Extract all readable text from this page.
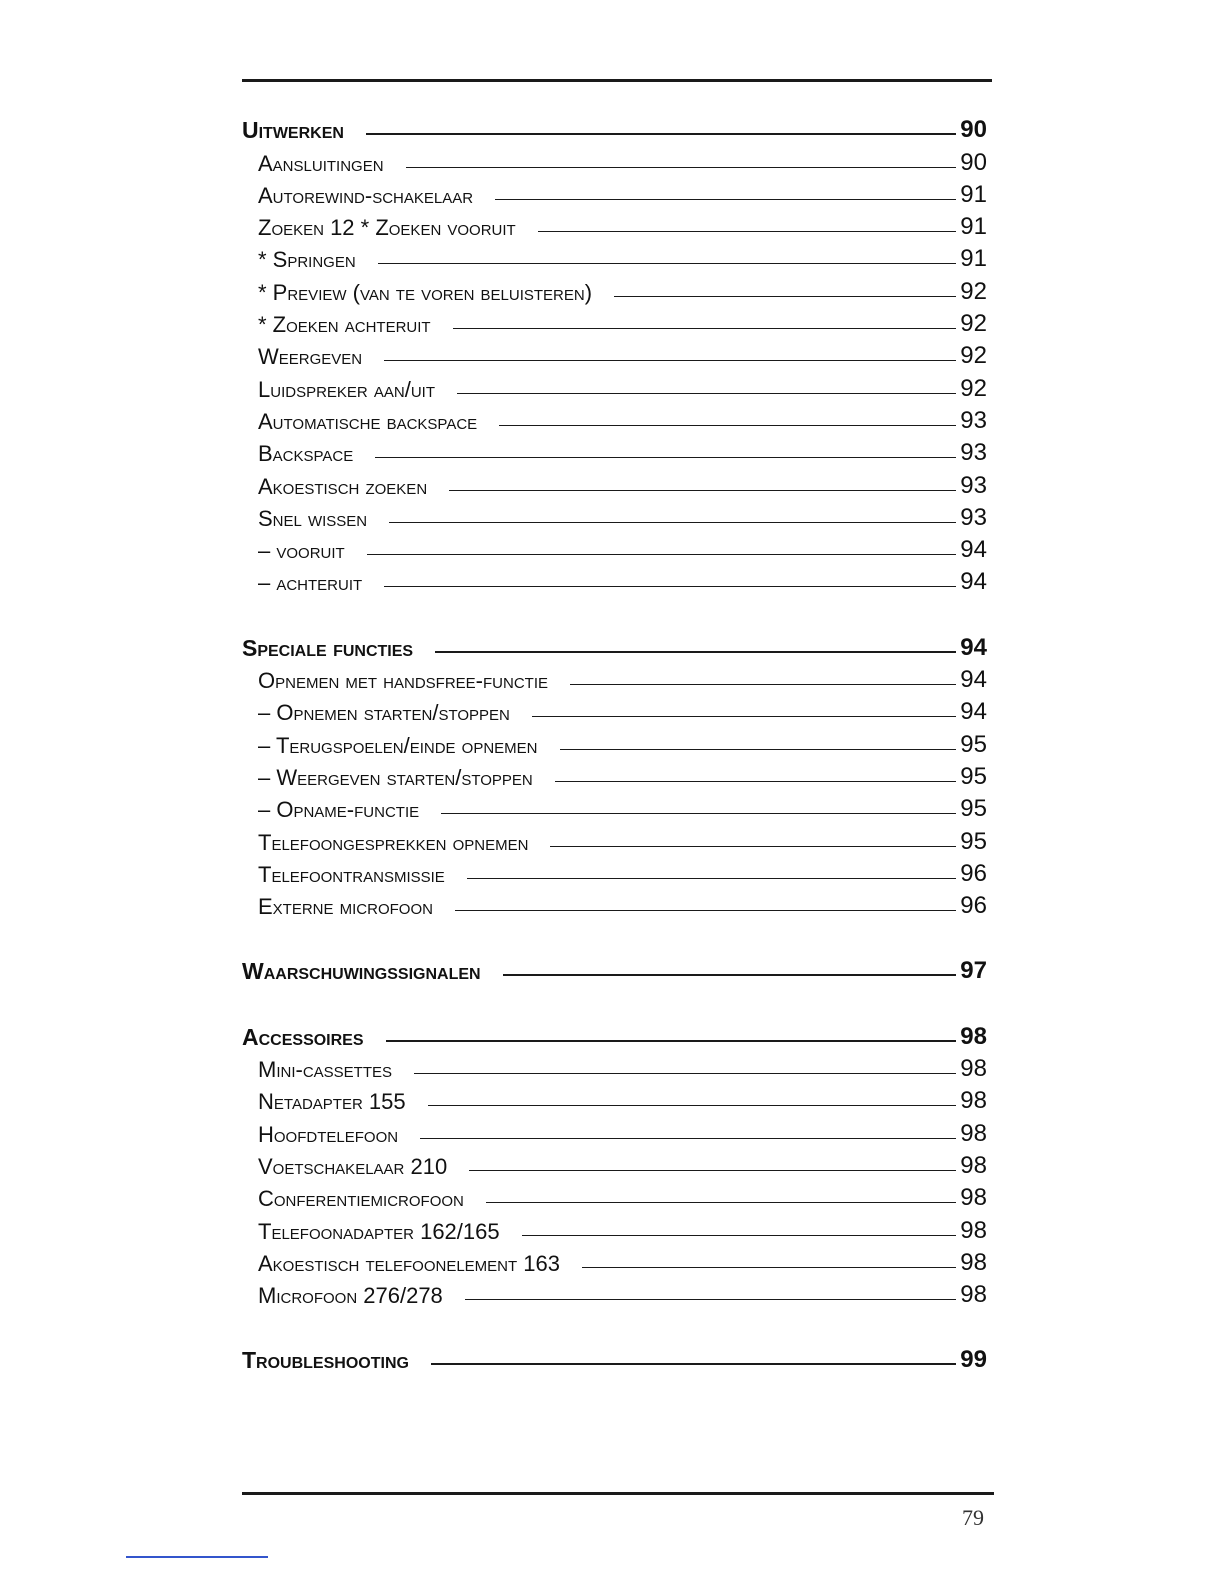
Uitwerken	90
Aansluitingen	90
Autorewind-schakelaar	91
Zoeken 12 * Zoeken vooruit	91
* Springen	91
* Preview (van te voren beluisteren)	92
* Zoeken achteruit	92
Weergeven	92
Luidspreker aan/uit	92
Automatische backspace	93
Backspace	93
Akoestisch zoeken	93
Snel wissen	93
– vooruit	94
– achteruit	94
Speciale functies	94
Opnemen met handsfree-functie	94
– Opnemen starten/stoppen	94
– Terugspoelen/einde opnemen	95
– Weergeven starten/stoppen	95
– Opname-functie	95
Telefoongesprekken opnemen	95
Telefoontransmissie	96
Externe microfoon	96
Waarschuwingssignalen	97
Accessoires	98
Mini-cassettes	98
Netadapter 155	98
Hoofdtelefoon	98
Voetschakelaar 210	98
Conferentiemicrofoon	98
Telefoonadapter 162/165	98
Akoestisch telefoonelement 163	98
Microfoon 276/278	98
Troubleshooting	99
79
